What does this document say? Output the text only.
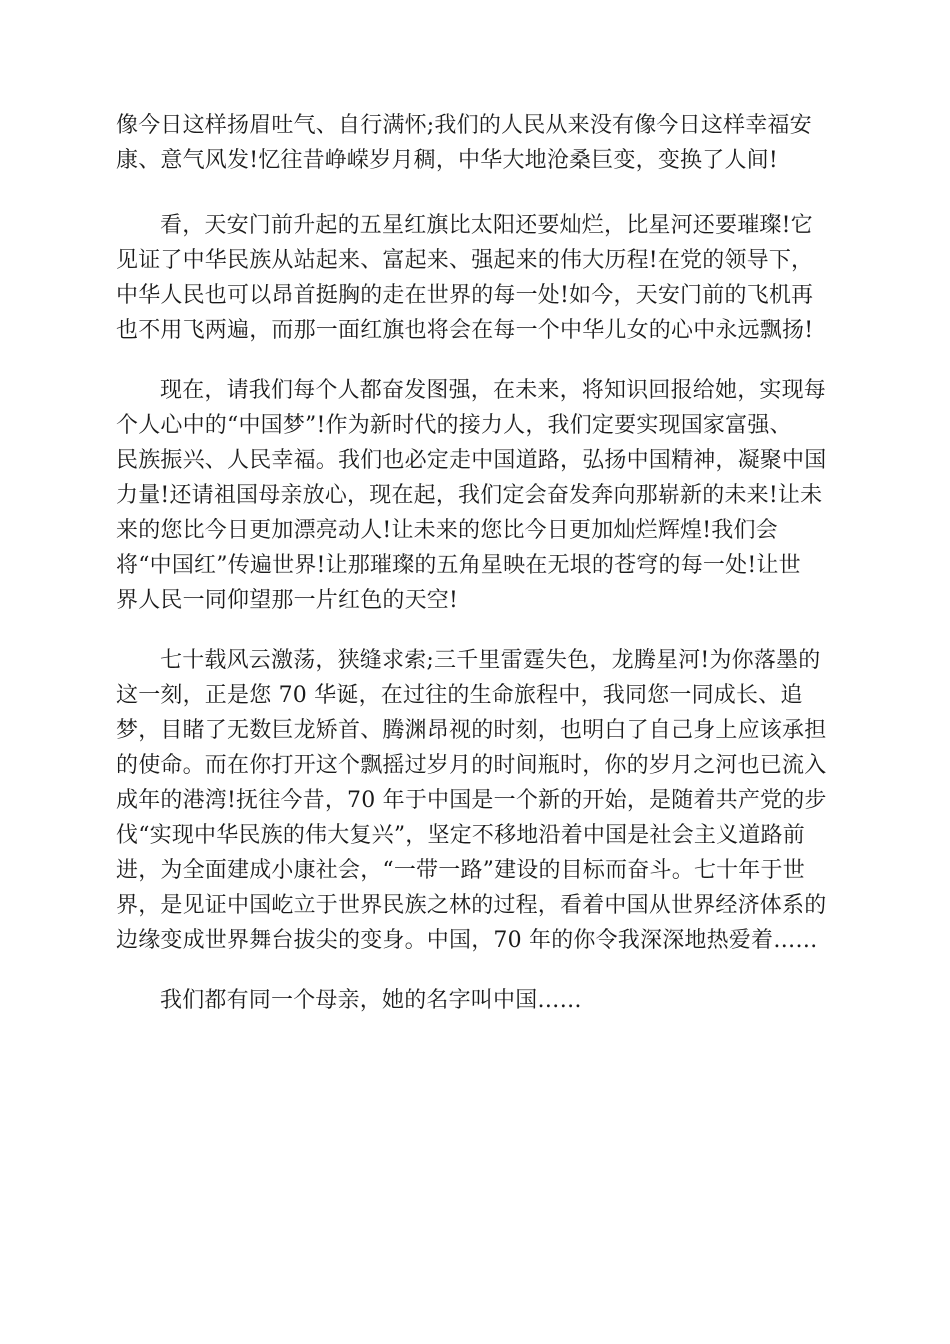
像今日这样扬眉吐气、自行满怀;我们的人民从来没有像今日这样幸福安
康、意气风发!忆往昔峥嵘岁月稠，中华大地沧桑巨变，变换了人间!
看，天安门前升起的五星红旗比太阳还要灿烂，比星河还要璀璨!它
见证了中华民族从站起来、富起来、强起来的伟大历程!在党的领导下，
中华人民也可以昂首挺胸的走在世界的每一处!如今，天安门前的飞机再
也不用飞两遍，而那一面红旗也将会在每一个中华儿女的心中永远飘扬!
现在，请我们每个人都奋发图强，在未来，将知识回报给她，实现每
个人心中的“中国梦”!作为新时代的接力人，我们定要实现国家富强、
民族振兴、人民幸福。我们也必定走中国道路，弘扬中国精神，凝聚中国
力量!还请祖国母亲放心，现在起，我们定会奋发奔向那崭新的未来!让未
来的您比今日更加漂亮动人!让未来的您比今日更加灿烂辉煌!我们会
将“中国红”传遍世界!让那璀璨的五角星映在无垠的苍穹的每一处!让世
界人民一同仰望那一片红色的天空!
七十载风云激荡，狭缝求索;三千里雷霆失色，龙腾星河!为你落墨的
这一刻，正是您 70 华诞，在过往的生命旅程中，我同您一同成长、追
梦，目睹了无数巨龙矫首、腾渊昂视的时刻，也明白了自己身上应该承担
的使命。而在你打开这个飘摇过岁月的时间瓶时，你的岁月之河也已流入
成年的港湾!抚往今昔，70 年于中国是一个新的开始，是随着共产党的步
伐“实现中华民族的伟大复兴”，坚定不移地沿着中国是社会主义道路前
进，为全面建成小康社会，“一带一路”建设的目标而奋斗。七十年于世
界，是见证中国屹立于世界民族之林的过程，看着中国从世界经济体系的
边缘变成世界舞台拔尖的变身。中国，70 年的你令我深深地热爱着……
我们都有同一个母亲，她的名字叫中国……
